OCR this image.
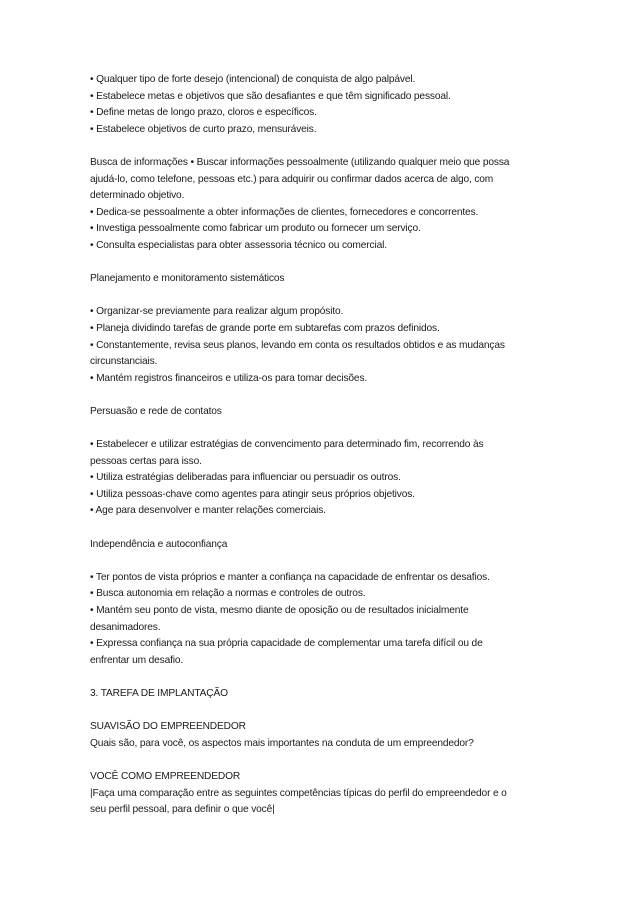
• Qualquer tipo de forte desejo (intencional) de conquista de algo palpável.
• Estabelece metas e objetivos que são desafiantes e que têm significado pessoal.
• Define metas de longo prazo, cloros e específicos.
• Estabelece objetivos de curto prazo, mensuráveis.
Busca de informações • Buscar informações pessoalmente (utilizando qualquer meio que possa
ajudá-lo, como telefone, pessoas etc.) para adquirir ou confirmar dados acerca de algo, com
determinado objetivo.
• Dedica-se pessoalmente a obter informações de clientes, fornecedores e concorrentes.
• Investiga pessoalmente como fabricar um produto ou fornecer um serviço.
• Consulta especialistas para obter assessoria técnico ou comercial.
Planejamento e monitoramento sistemáticos
• Organizar-se previamente para realizar algum propósito.
• Planeja dividindo tarefas de grande porte em subtarefas com prazos definidos.
• Constantemente, revisa seus planos, levando em conta os resultados obtidos e as mudanças
circunstanciais.
• Mantém registros financeiros e utiliza-os para tomar decisões.
Persuasão e rede de contatos
• Estabelecer e utilizar estratégias de convencimento para determinado fim, recorrendo às
pessoas certas para isso.
• Utiliza estratégias deliberadas para influenciar ou persuadir os outros.
• Utiliza pessoas-chave como agentes para atingir seus próprios objetivos.
• Age para desenvolver e manter relações comerciais.
Independência e autoconfiança
• Ter pontos de vista próprios e manter a confiança na capacidade de enfrentar os desafios.
• Busca autonomia em relação a normas e controles de outros.
• Mantém seu ponto de vista, mesmo diante de oposição ou de resultados inicialmente
desanimadores.
• Expressa confiança na sua própria capacidade de complementar uma tarefa difícil ou de
enfrentar um desafio.
3. TAREFA DE IMPLANTAÇÃO
SUAVISÃO DO EMPREENDEDOR
Quais são, para você, os aspectos mais importantes na conduta de um empreendedor?
VOCÊ COMO EMPREENDEDOR
|Faça uma comparação entre as seguintes competências típicas do perfil do empreendedor e o
seu perfil pessoal, para definir o que você|
